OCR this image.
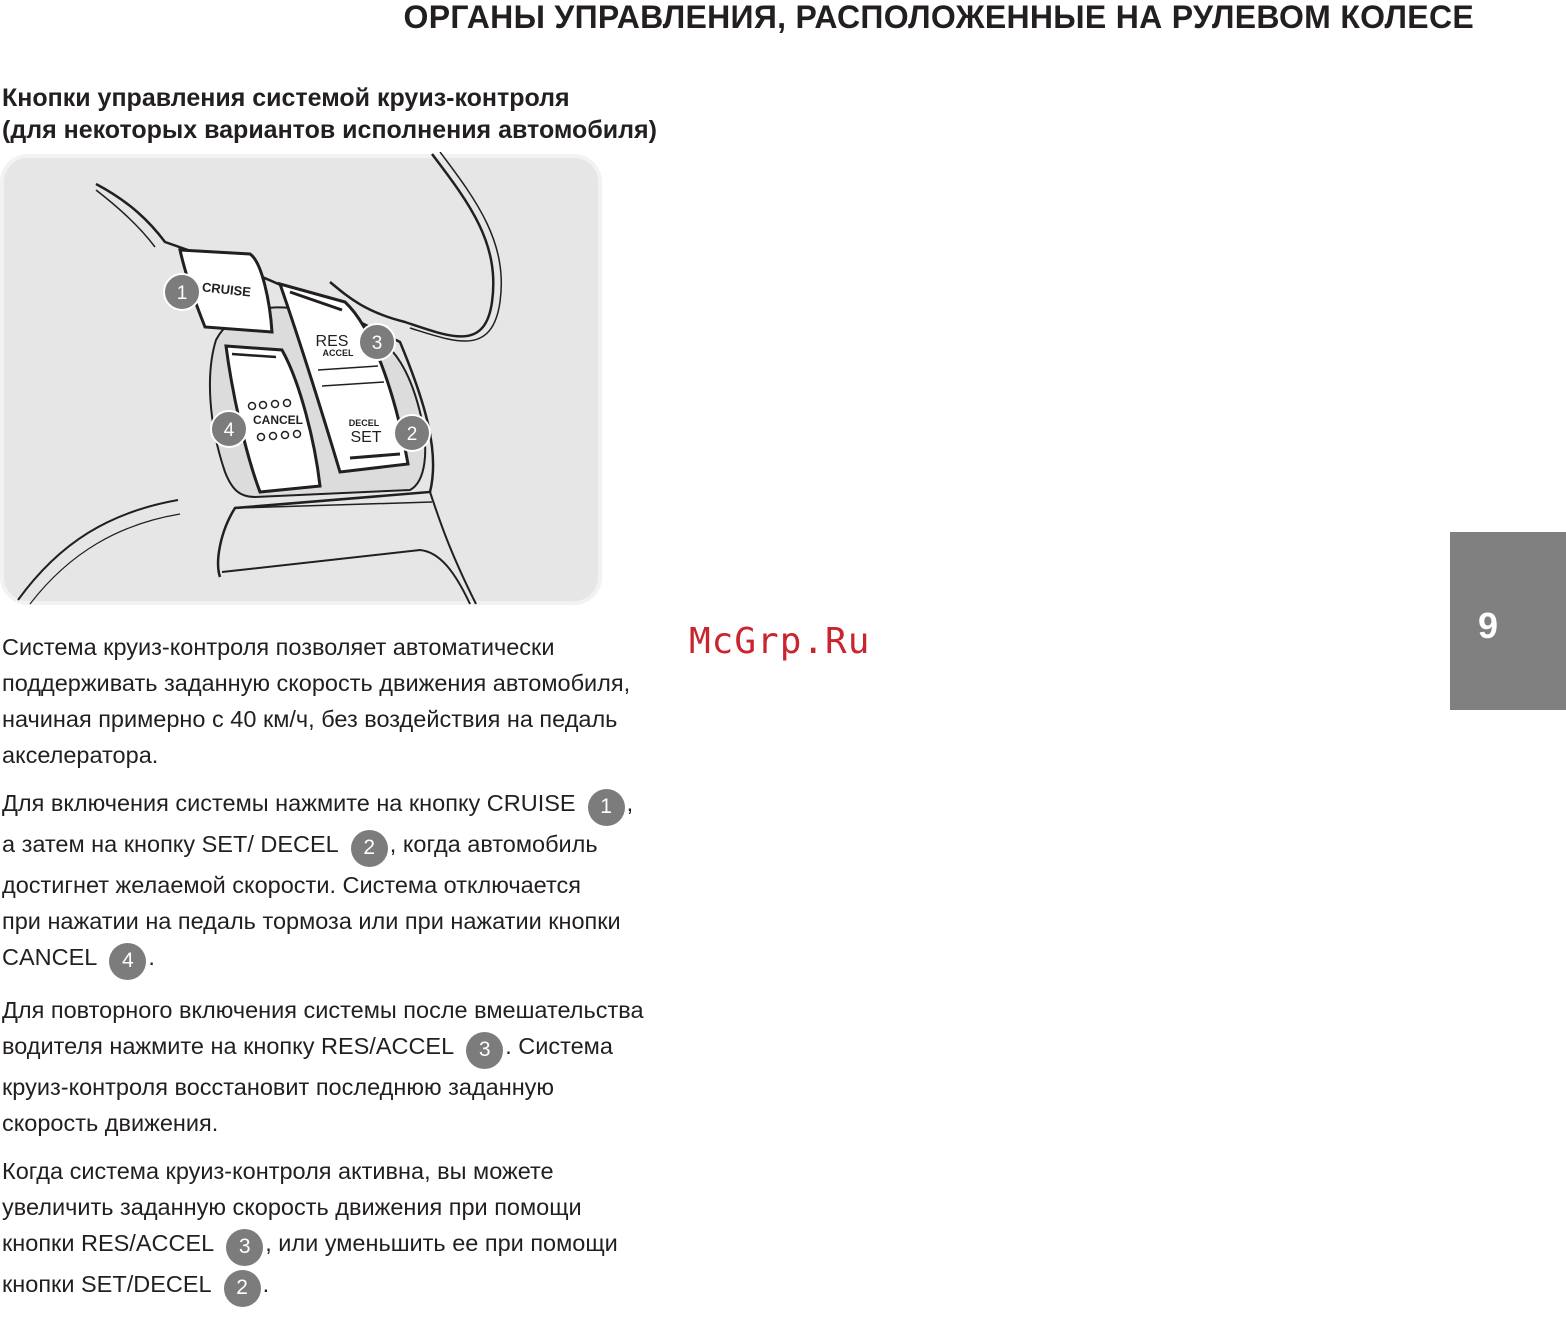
ОРГАНЫ УПРАВЛЕНИЯ, РАСПОЛОЖЕННЫЕ НА РУЛЕВОМ КОЛЕСЕ
Кнопки управления системой круиз-контроля
(для некоторых вариантов исполнения автомобиля)
CRUISE
RES
ACCEL
DECEL
SET
CANCEL
1
2
3
4
McGrp.Ru	9

Система круиз-контроля позволяет автоматически
поддерживать заданную скорость движения автомобиля,
начиная примерно с 40 км/ч, без воздействия на педаль
акселератора.

Для включения системы нажмите на кнопку CRUISE 1 ,
а затем на кнопку SET/ DECEL 2 , когда автомобиль
достигнет желаемой скорости. Система отключается
при нажатии на педаль тормоза или при нажатии кнопки
CANCEL 4 .

Для повторного включения системы после вмешательства
водителя нажмите на кнопку RES/ACCEL 3 . Система
круиз-контроля восстановит последнюю заданную
скорость движения.

Когда система круиз-контроля активна, вы можете
увеличить заданную скорость движения при помощи
кнопки RES/ACCEL 3 , или уменьшить ее при помощи
кнопки SET/DECEL 2 .
